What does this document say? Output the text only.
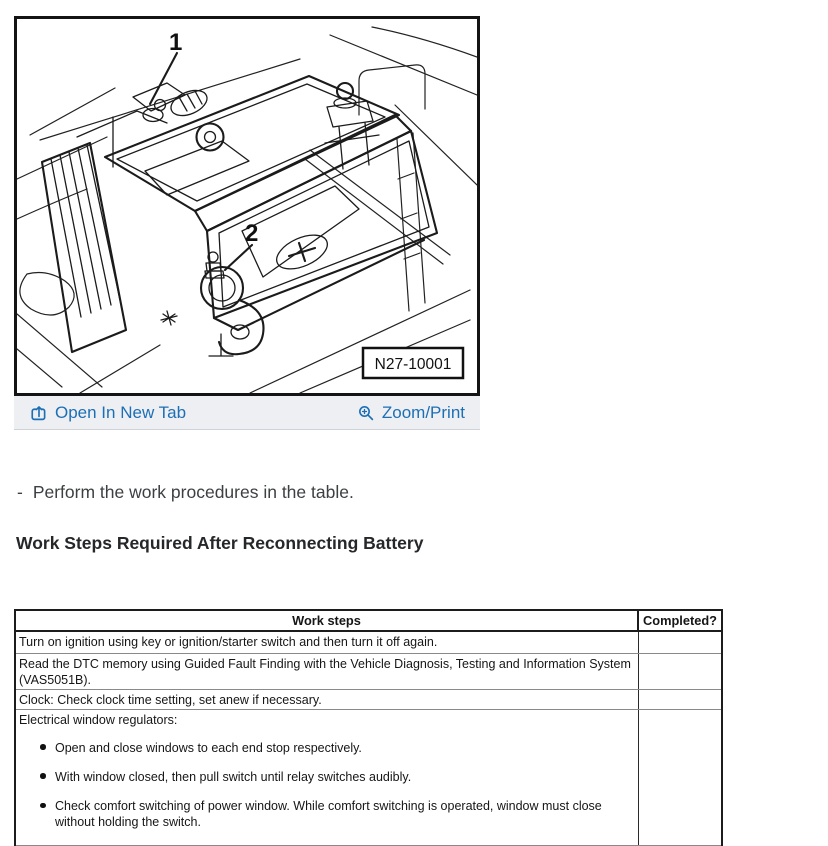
1
2
N27-10001
Open In New Tab	Zoom/Print
- Perform the work procedures in the table.
Work Steps Required After Reconnecting Battery
Work steps	Completed?
Turn on ignition using key or ignition/starter switch and then turn it off again.	
Read the DTC memory using Guided Fault Finding with the Vehicle Diagnosis, Testing and Information System (VAS5051B).	
Clock: Check clock time setting, set anew if necessary.	

Electrical window regulators:
Open and close windows to each end stop respectively.
With window closed, then pull switch until relay switches audibly.
Check comfort switching of power window. While comfort switching is operated, window must close without holding the switch.
